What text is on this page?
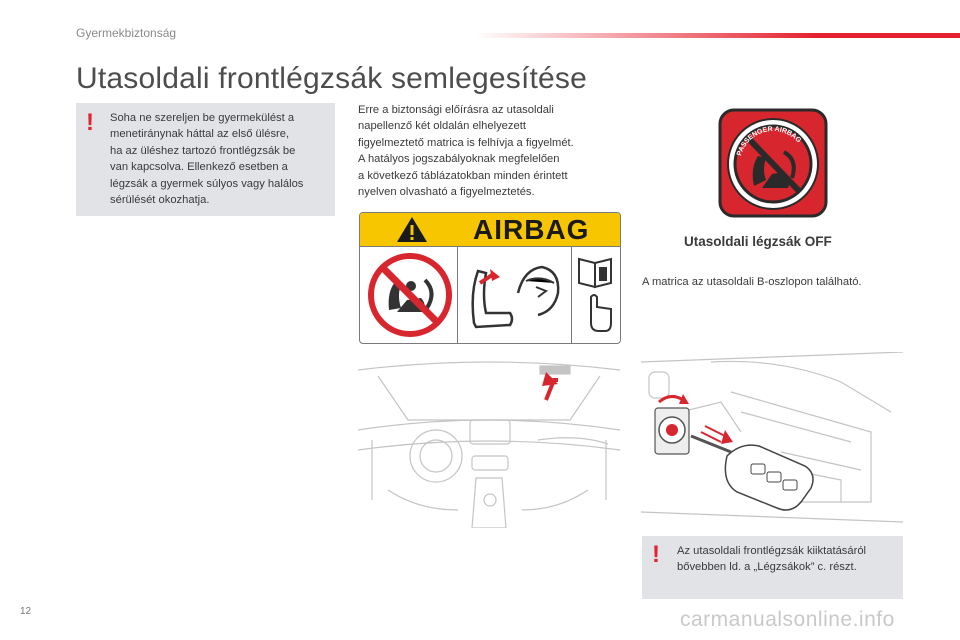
Gyermekbiztonság
Utasoldali frontlégzsák semlegesítése
! Soha ne szereljen be gyermekülést a
menetiránynak háttal az első ülésre,
ha az üléshez tartozó frontlégzsák be
van kapcsolva. Ellenkező esetben a
légzsák a gyermek súlyos vagy halálos
sérülését okozhatja.
Erre a biztonsági előírásra az utasoldali
napellenző két oldalán elhelyezett
figyelmeztető matrica is felhívja a figyelmét.
A hatályos jogszabályoknak megfelelően
a következő táblázatokban minden érintett
nyelven olvasható a figyelmeztetés.
AIRBAG
PASSENGER AIRBAG
Utasoldali légzsák OFF
A matrica az utasoldali B-oszlopon található.
! Az utasoldali frontlégzsák kiiktatásáról
bővebben ld. a „Légzsákok” c. részt.
12	carmanualsonline.info
